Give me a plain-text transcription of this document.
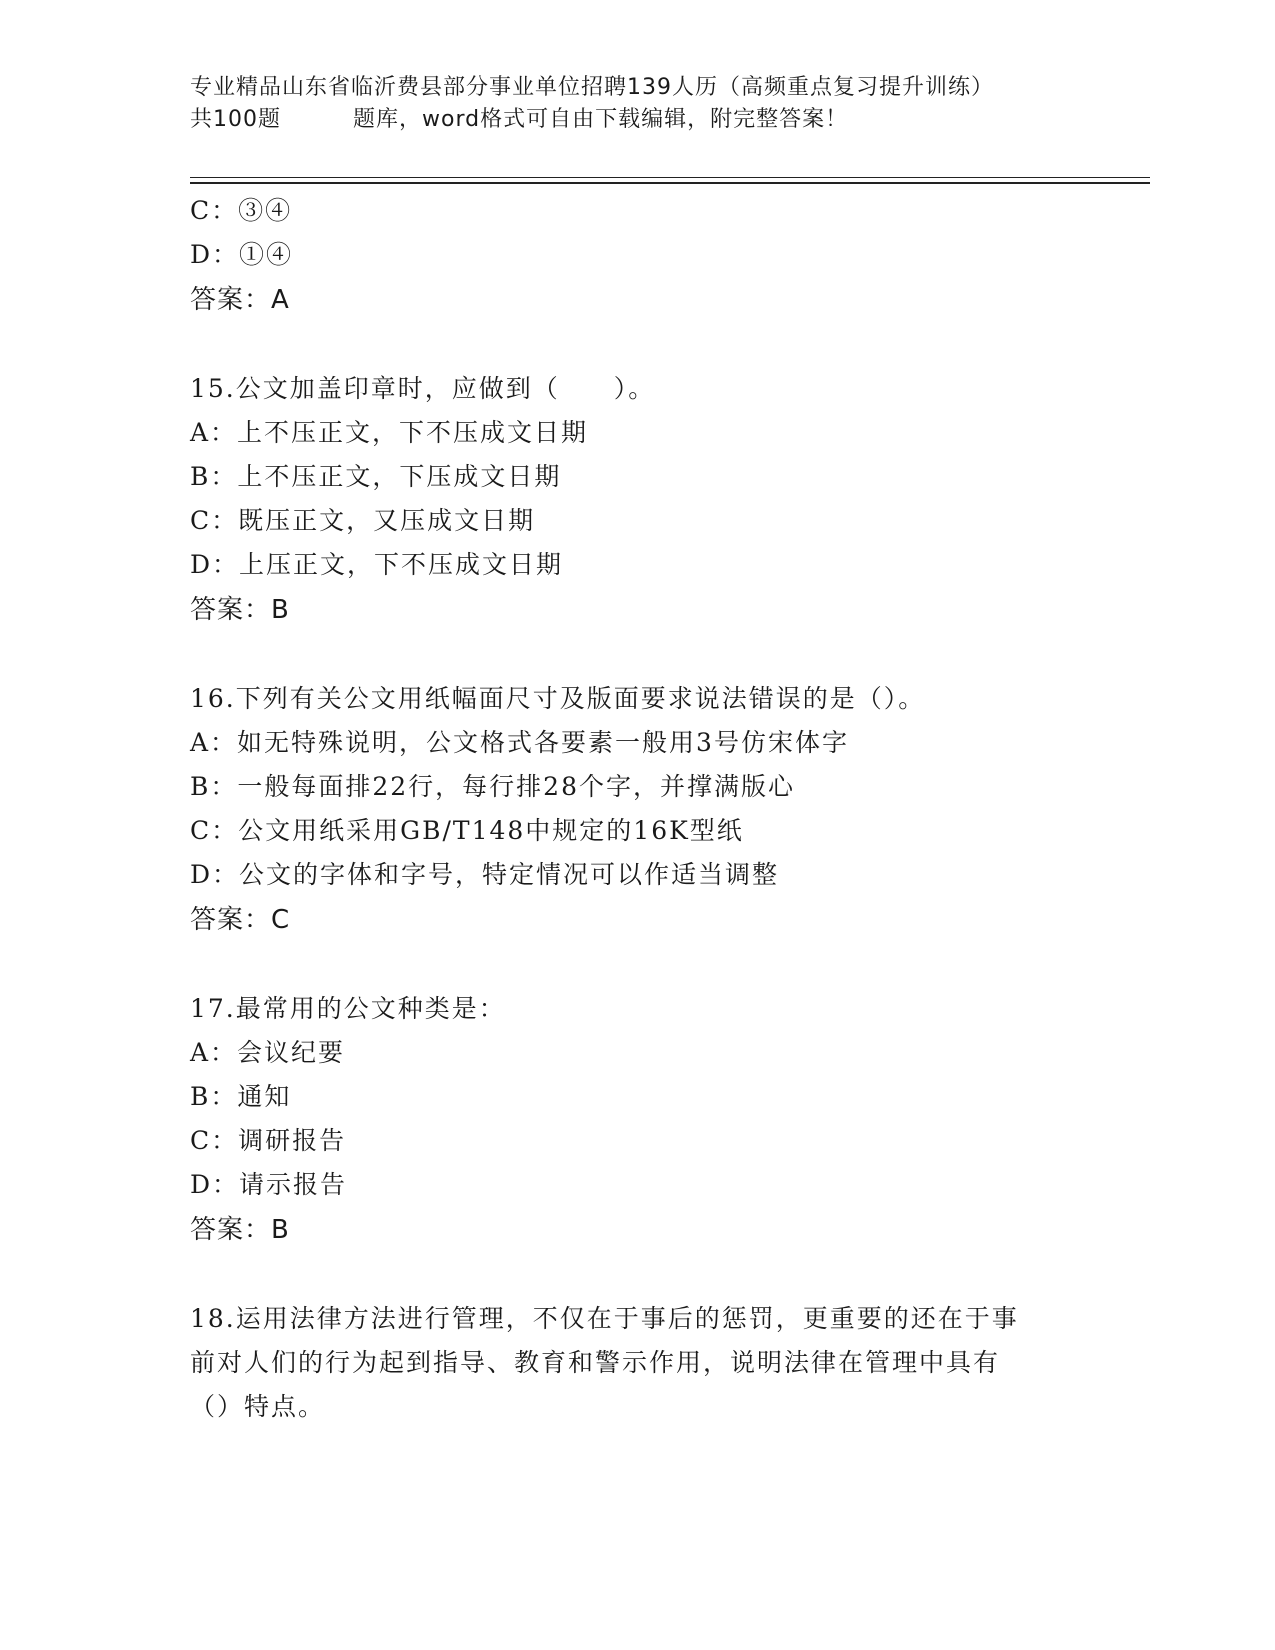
专业精品山东省临沂费县部分事业单位招聘139人历（高频重点复习提升训练）
共100题	题库，word格式可自由下载编辑，附完整答案！
C：③④
D：①④
答案：A
15.公文加盖印章时，应做到（　　）。
A：上不压正文，下不压成文日期
B：上不压正文，下压成文日期
C：既压正文，又压成文日期
D：上压正文，下不压成文日期
答案：B
16.下列有关公文用纸幅面尺寸及版面要求说法错误的是（）。
A：如无特殊说明，公文格式各要素一般用3号仿宋体字
B：一般每面排22行，每行排28个字，并撑满版心
C：公文用纸采用GB/T148中规定的16K型纸
D：公文的字体和字号，特定情况可以作适当调整
答案：C
17.最常用的公文种类是：
A：会议纪要
B：通知
C：调研报告
D：请示报告
答案：B
18.运用法律方法进行管理，不仅在于事后的惩罚，更重要的还在于事
前对人们的行为起到指导、教育和警示作用，说明法律在管理中具有
（）特点。
